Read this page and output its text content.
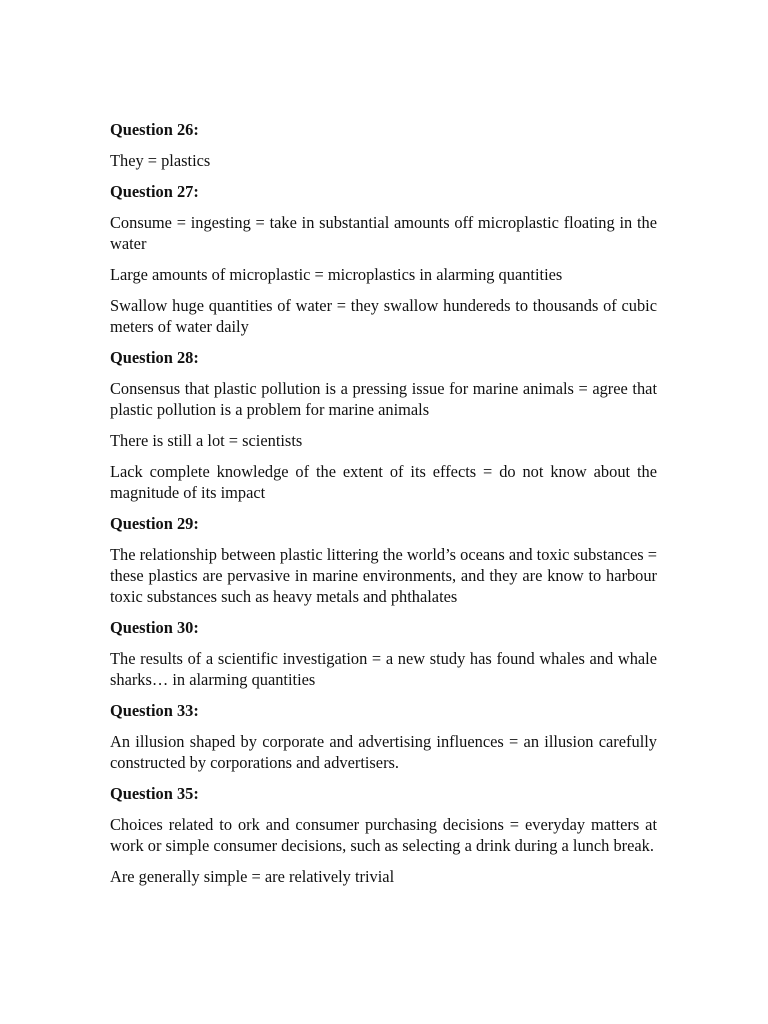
Question 26:
They = plastics
Question 27:
Consume = ingesting = take in substantial amounts off microplastic floating in the water
Large amounts of microplastic = microplastics in alarming quantities
Swallow huge quantities of water = they swallow hundereds to thousands of cubic meters of water daily
Question 28:
Consensus that plastic pollution is a pressing issue for marine animals = agree that plastic pollution is a problem for marine animals
There is still a lot = scientists
Lack complete knowledge of the extent of its effects = do not know about the magnitude of its impact
Question 29:
The relationship between plastic littering the world’s oceans and toxic substances = these plastics are pervasive in marine environments, and they are know to harbour toxic substances such as heavy metals and phthalates
Question 30:
The results of a scientific investigation = a new study has found whales and whale sharks… in alarming quantities
Question 33:
An illusion shaped by corporate and advertising influences = an illusion carefully constructed by corporations and advertisers.
Question 35:
Choices related to ork and consumer purchasing decisions = everyday matters at work or simple consumer decisions, such as selecting a drink during a lunch break.
Are generally simple = are relatively trivial
